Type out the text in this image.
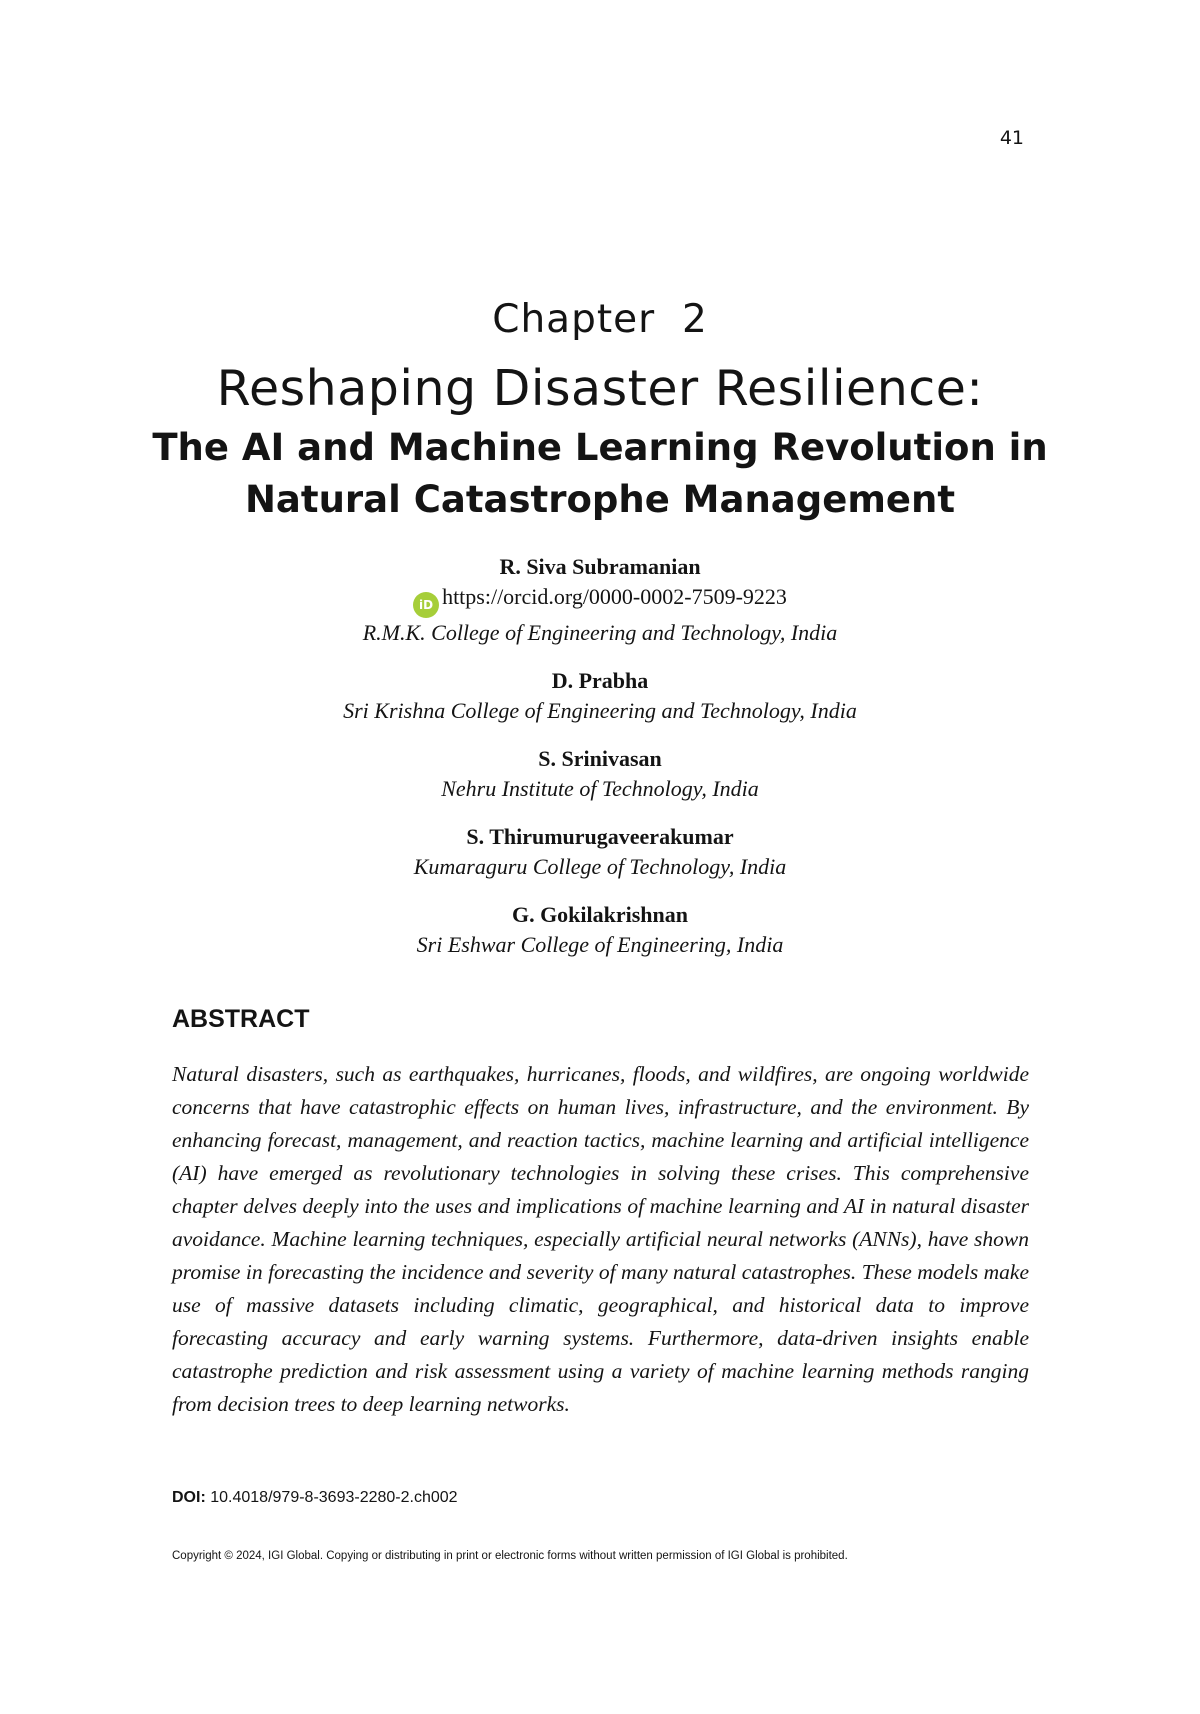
41
Chapter  2
Reshaping Disaster Resilience:
The AI and Machine Learning Revolution in Natural Catastrophe Management
R. Siva Subramanian
iD https://orcid.org/0000-0002-7509-9223
R.M.K. College of Engineering and Technology, India
D. Prabha
Sri Krishna College of Engineering and Technology, India
S. Srinivasan
Nehru Institute of Technology, India
S. Thirumurugaveerakumar
Kumaraguru College of Technology, India
G. Gokilakrishnan
Sri Eshwar College of Engineering, India
ABSTRACT
Natural disasters, such as earthquakes, hurricanes, floods, and wildfires, are ongoing worldwide concerns that have catastrophic effects on human lives, infrastructure, and the environment. By enhancing forecast, management, and reaction tactics, machine learning and artificial intelligence (AI) have emerged as revolutionary technologies in solving these crises. This comprehensive chapter delves deeply into the uses and implications of machine learning and AI in natural disaster avoidance. Machine learning techniques, especially artificial neural networks (ANNs), have shown promise in forecasting the incidence and severity of many natural catastrophes. These models make use of massive datasets including climatic, geographical, and historical data to improve forecasting accuracy and early warning systems. Furthermore, data-driven insights enable catastrophe prediction and risk assessment using a variety of machine learning methods ranging from decision trees to deep learning networks.
DOI: 10.4018/979-8-3693-2280-2.ch002
Copyright © 2024, IGI Global. Copying or distributing in print or electronic forms without written permission of IGI Global is prohibited.
